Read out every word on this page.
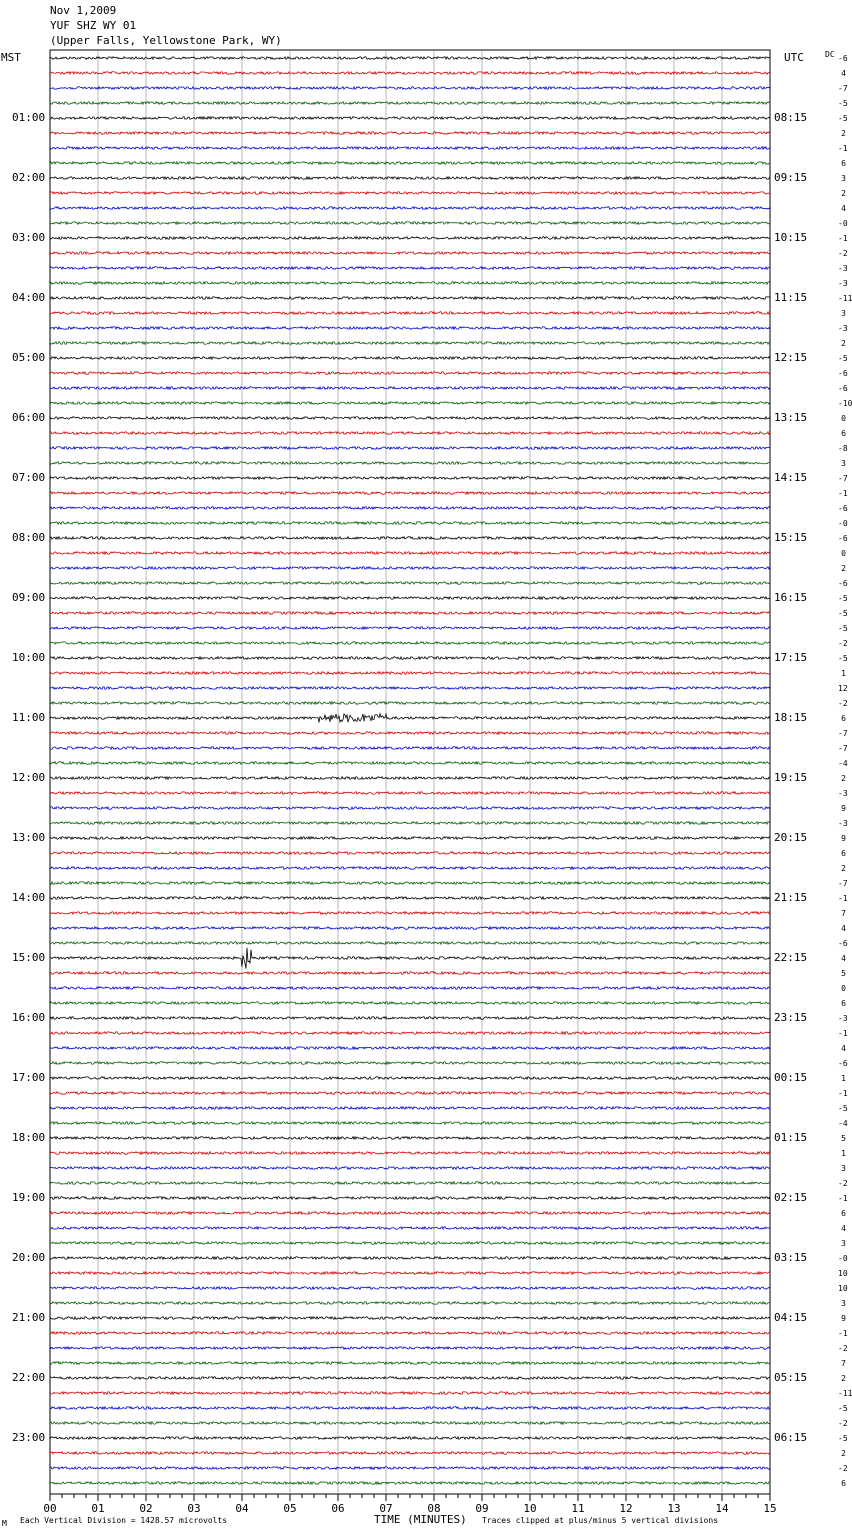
Nov 1,2009
YUF SHZ WY 01
(Upper Falls, Yellowstone Park, WY)
MST	UTC	DC
00	01	02	03	04	05	06	07	08	09	10	11	12	13	14	15
-6
4
-7
-5
-5
2
-1
6
3
2
4
-0
-1
-2
-3
-3
-11
3
-3
2
-5
-6
-6
-10
0
6
-8
3
-7
-1
-6
-0
-6
0
2
-6
-5
-5
-5
-2
-5
1
12
-2
6
-7
-7
-4
2
-3
9
-3
9
6
2
-7
-1
7
4
-6
4
5
0
6
-3
-1
4
-6
1
-1
-5
-4
5
1
3
-2
-1
6
4
3
-0
10
10
3
9
-1
-2
7
2
-11
-5
-2
-5
2
-2
6
01:00	08:15
02:00	09:15
03:00	10:15
04:00	11:15
05:00	12:15
06:00	13:15
07:00	14:15
08:00	15:15
09:00	16:15
10:00	17:15
11:00	18:15
12:00	19:15
13:00	20:15
14:00	21:15
15:00	22:15
16:00	23:15
17:00	00:15
18:00	01:15
19:00	02:15
20:00	03:15
21:00	04:15
22:00	05:15
23:00	06:15
M Each Vertical Division = 1428.57 microvolts	TIME (MINUTES) Traces clipped at plus/minus 5 vertical divisions
